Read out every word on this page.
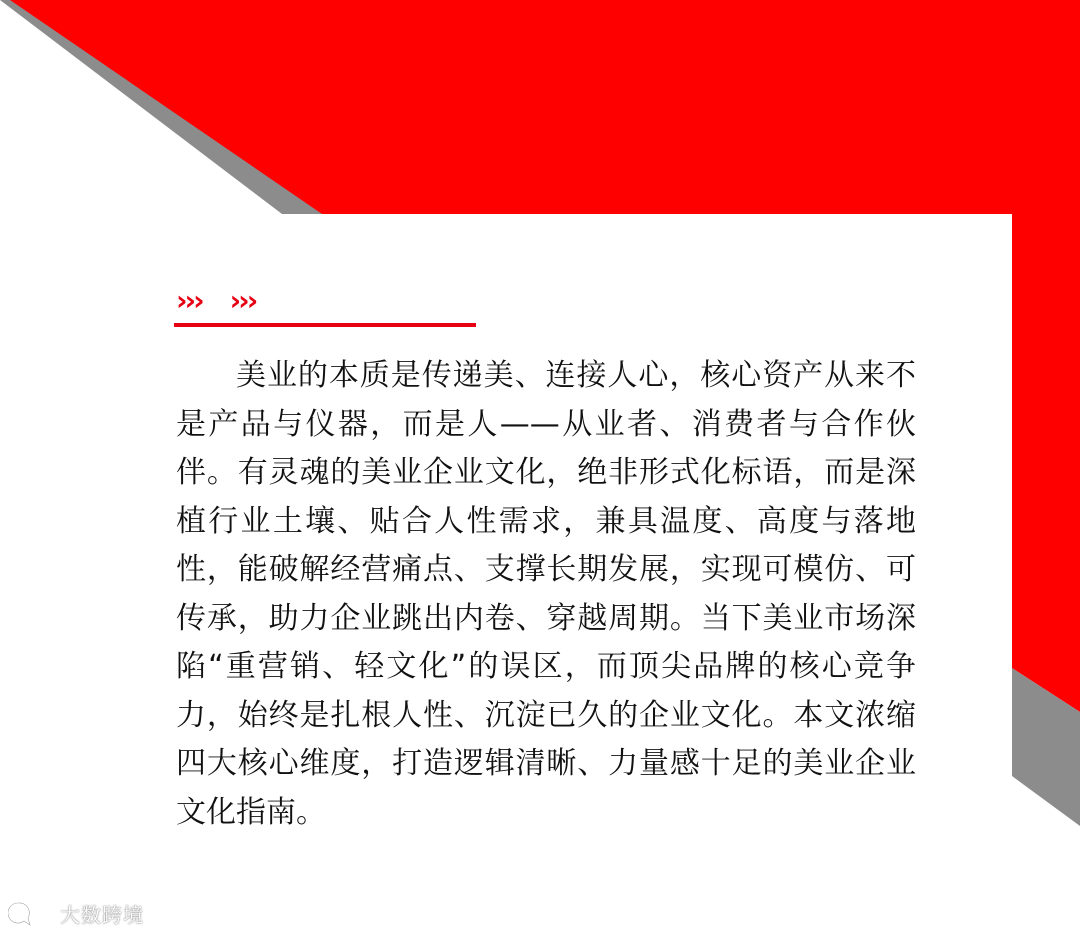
››› ›››

美业的本质是传递美、连接人心，核心资产从来不是产品与仪器，而是人——从业者、消费者与合作伙伴。有灵魂的美业企业文化，绝非形式化标语，而是深植行业土壤、贴合人性需求，兼具温度、高度与落地性，能破解经营痛点、支撑长期发展，实现可模仿、可传承，助力企业跳出内卷、穿越周期。当下美业市场深陷“重营销、轻文化”的误区，而顶尖品牌的核心竞争力，始终是扎根人性、沉淀已久的企业文化。本文浓缩四大核心维度，打造逻辑清晰、力量感十足的美业企业文化指南。

大数跨境
